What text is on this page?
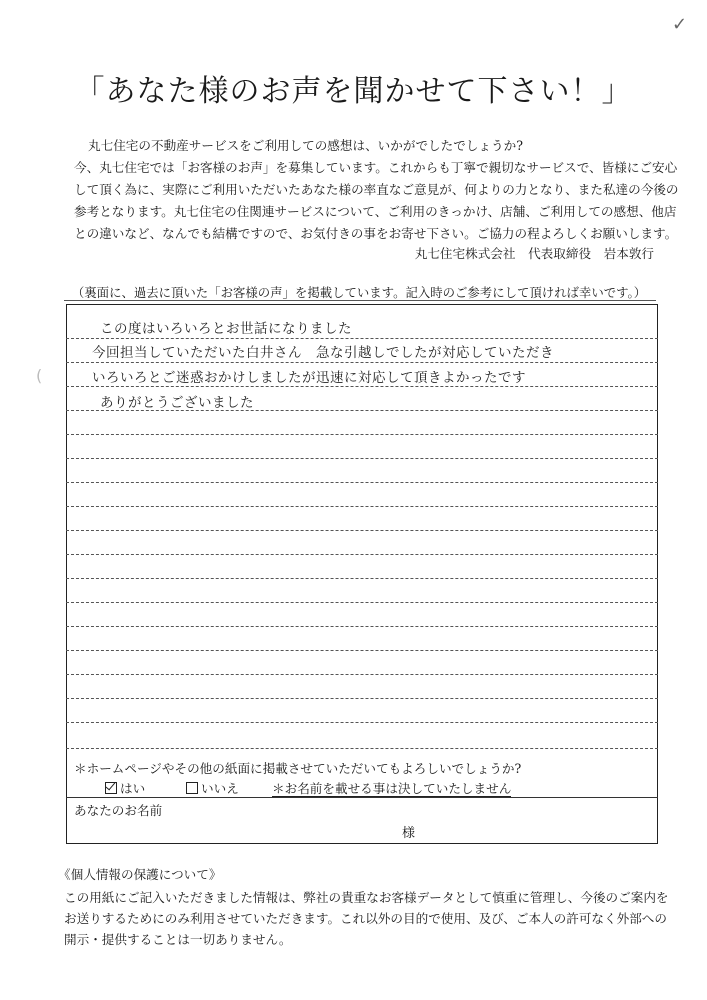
✓
「あなた様のお声を聞かせて下さい！」
丸七住宅の不動産サービスをご利用しての感想は、いかがでしたでしょうか?
今、丸七住宅では「お客様のお声」を募集しています。これからも丁寧で親切なサービスで、皆様にご安心
して頂く為に、実際にご利用いただいたあなた様の率直なご意見が、何よりの力となり、また私達の今後の
参考となります。丸七住宅の住関連サービスについて、ご利用のきっかけ、店舗、ご利用しての感想、他店
との違いなど、なんでも結構ですので、お気付きの事をお寄せ下さい。ご協力の程よろしくお願いします。
丸七住宅株式会社　代表取締役　岩本敦行
（裏面に、過去に頂いた「お客様の声」を掲載しています。記入時のご参考にして頂ければ幸いです。）
この度はいろいろとお世話になりました
今回担当していただいた白井さん　急な引越しでしたが対応していただき
いろいろとご迷惑おかけしましたが迅速に対応して頂きよかったです
ありがとうございました
(
＊ホームページやその他の紙面に掲載させていただいてもよろしいでしょうか?
はい	いいえ	＊お名前を載せる事は決していたしません
あなたのお名前
様
《個人情報の保護について》
この用紙にご記入いただきました情報は、弊社の貴重なお客様データとして慎重に管理し、今後のご案内を
お送りするためにのみ利用させていただきます。これ以外の目的で使用、及び、ご本人の許可なく外部への
開示・提供することは一切ありません。
